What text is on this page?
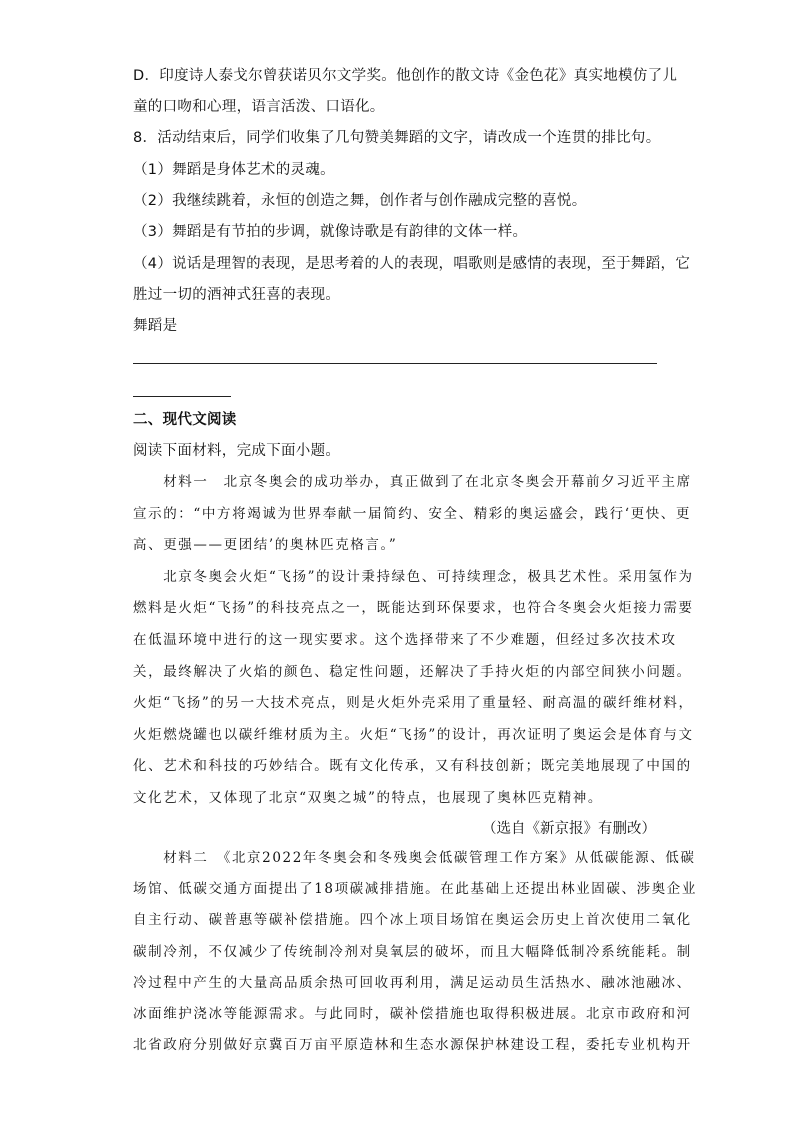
D．印度诗人泰戈尔曾获诺贝尔文学奖。他创作的散文诗《金色花》真实地模仿了儿
童的口吻和心理，语言活泼、口语化。
8．活动结束后，同学们收集了几句赞美舞蹈的文字，请改成一个连贯的排比句。
（1）舞蹈是身体艺术的灵魂。
（2）我继续跳着，永恒的创造之舞，创作者与创作融成完整的喜悦。
（3）舞蹈是有节拍的步调，就像诗歌是有韵律的文体一样。
（4）说话是理智的表现，是思考着的人的表现，唱歌则是感情的表现，至于舞蹈，它
胜过一切的酒神式狂喜的表现。
舞蹈是
二、现代文阅读
阅读下面材料，完成下面小题。
　　材料一　北京冬奥会的成功举办，真正做到了在北京冬奥会开幕前夕习近平主席
宣示的：“中方将竭诚为世界奉献一届简约、安全、精彩的奥运盛会，践行‘更快、更
高、更强——更团结’的奥林匹克格言。”
　　北京冬奥会火炬“飞扬”的设计秉持绿色、可持续理念，极具艺术性。采用氢作为
燃料是火炬“飞扬”的科技亮点之一，既能达到环保要求，也符合冬奥会火炬接力需要
在低温环境中进行的这一现实要求。这个选择带来了不少难题，但经过多次技术攻
关，最终解决了火焰的颜色、稳定性问题，还解决了手持火炬的内部空间狭小问题。
火炬“飞扬”的另一大技术亮点，则是火炬外壳采用了重量轻、耐高温的碳纤维材料，
火炬燃烧罐也以碳纤维材质为主。火炬“飞扬”的设计，再次证明了奥运会是体育与文
化、艺术和科技的巧妙结合。既有文化传承，又有科技创新；既完美地展现了中国的
文化艺术，又体现了北京“双奥之城”的特点，也展现了奥林匹克精神。
（选自《新京报》有删改）
　　材料二　《北京2022年冬奥会和冬残奥会低碳管理工作方案》从低碳能源、低碳
场馆、低碳交通方面提出了18项碳减排措施。在此基础上还提出林业固碳、涉奥企业
自主行动、碳普惠等碳补偿措施。四个冰上项目场馆在奥运会历史上首次使用二氧化
碳制冷剂，不仅减少了传统制冷剂对臭氧层的破坏，而且大幅降低制冷系统能耗。制
冷过程中产生的大量高品质余热可回收再利用，满足运动员生活热水、融冰池融冰、
冰面维护浇冰等能源需求。与此同时，碳补偿措施也取得积极进展。北京市政府和河
北省政府分别做好京冀百万亩平原造林和生态水源保护林建设工程，委托专业机构开
